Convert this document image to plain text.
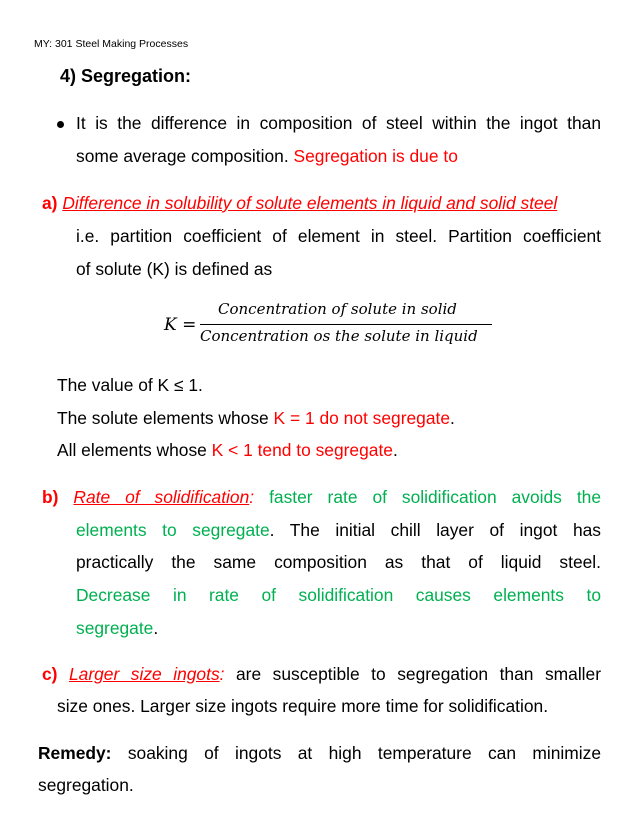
MY: 301 Steel Making Processes
4) Segregation:
It is the difference in composition of steel within the ingot than
some average composition. Segregation is due to
a) Difference in solubility of solute elements in liquid and solid steel
i.e. partition coefficient of element in steel. Partition coefficient
of solute (K) is defined as
K =
Concentration of solute in solid
Concentration os the solute in liquid
The value of K ≤ 1.
The solute elements whose K = 1 do not segregate.
All elements whose K < 1 tend to segregate.
b) Rate of solidification: faster rate of solidification avoids the
elements to segregate. The initial chill layer of ingot has
practically the same composition as that of liquid steel.
Decrease in rate of solidification causes elements to
segregate.
c) Larger size ingots: are susceptible to segregation than smaller
size ones. Larger size ingots require more time for solidification.
Remedy: soaking of ingots at high temperature can minimize
segregation.
